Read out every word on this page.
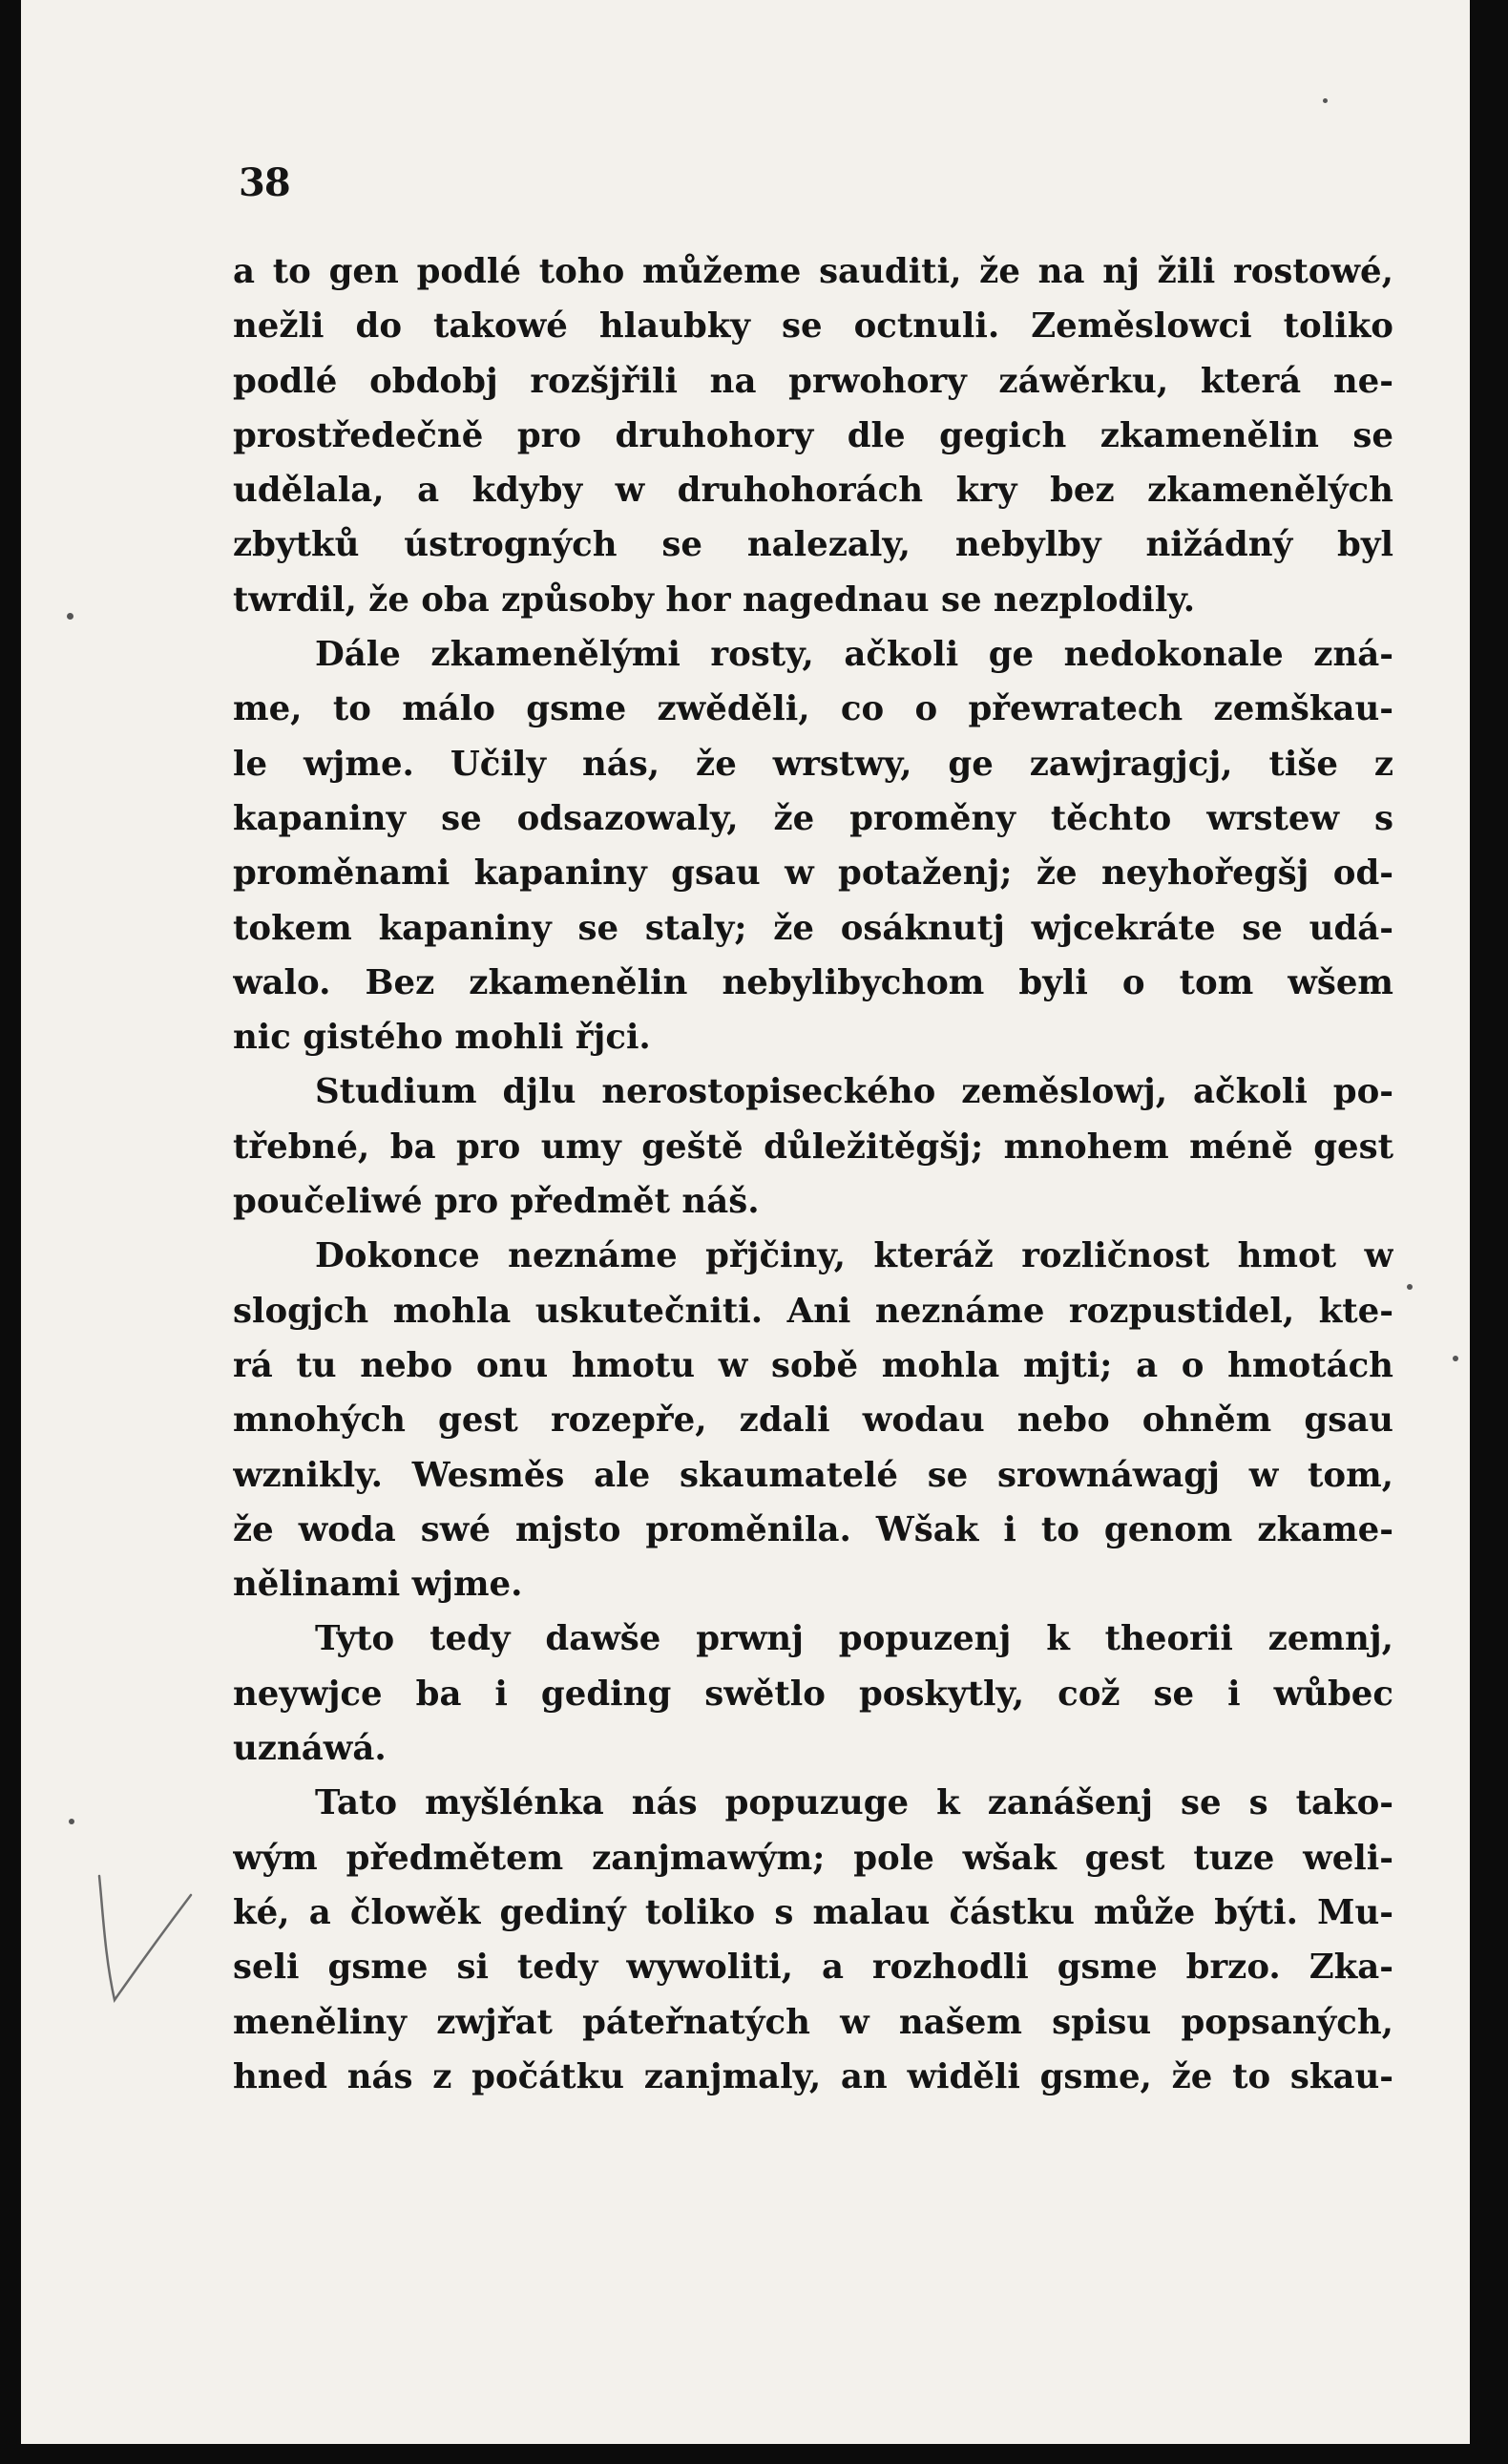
38
a to gen podlé toho můžeme sauditi, že na nj žili rostowé,
nežli do takowé hlaubky se octnuli. Zeměslowci toliko
podlé obdobj rozšjřili na prwohory záwěrku, která ne-
prostředečně pro druhohory dle gegich zkamenělin se
udělala, a kdyby w druhohorách kry bez zkamenělých
zbytků ústrogných se nalezaly, nebylby nižádný byl
twrdil, že oba způsoby hor nagednau se nezplodily.
Dále zkamenělými rosty, ačkoli ge nedokonale zná-
me, to málo gsme zwěděli, co o přewratech zemškau-
le wjme. Učily nás, že wrstwy, ge zawjragjcj, tiše z
kapaniny se odsazowaly, že proměny těchto wrstew s
proměnami kapaniny gsau w potaženj; že neyhořegšj od-
tokem kapaniny se staly; že osáknutj wjcekráte se udá-
walo. Bez zkamenělin nebylibychom byli o tom wšem
nic gistého mohli řjci.
Studium djlu nerostopiseckého zeměslowj, ačkoli po-
třebné, ba pro umy geště důležitěgšj; mnohem méně gest
poučeliwé pro předmět náš.
Dokonce neznáme přjčiny, kteráž rozličnost hmot w
slogjch mohla uskutečniti. Ani neznáme rozpustidel, kte-
rá tu nebo onu hmotu w sobě mohla mjti; a o hmotách
mnohých gest rozepře, zdali wodau nebo ohněm gsau
wznikly. Wesměs ale skaumatelé se srownáwagj w tom,
že woda swé mjsto proměnila. Wšak i to genom zkame-
nělinami wjme.
Tyto tedy dawše prwnj popuzenj k theorii zemnj,
neywjce ba i geding swětlo poskytly, což se i wůbec
uznáwá.
Tato myšlénka nás popuzuge k zanášenj se s tako-
wým předmětem zanjmawým; pole wšak gest tuze weli-
ké, a člowěk gediný toliko s malau částku může býti. Mu-
seli gsme si tedy wywoliti, a rozhodli gsme brzo. Zka-
meněliny zwjřat páteřnatých w našem spisu popsaných,
hned nás z počátku zanjmaly, an widěli gsme, že to skau-
